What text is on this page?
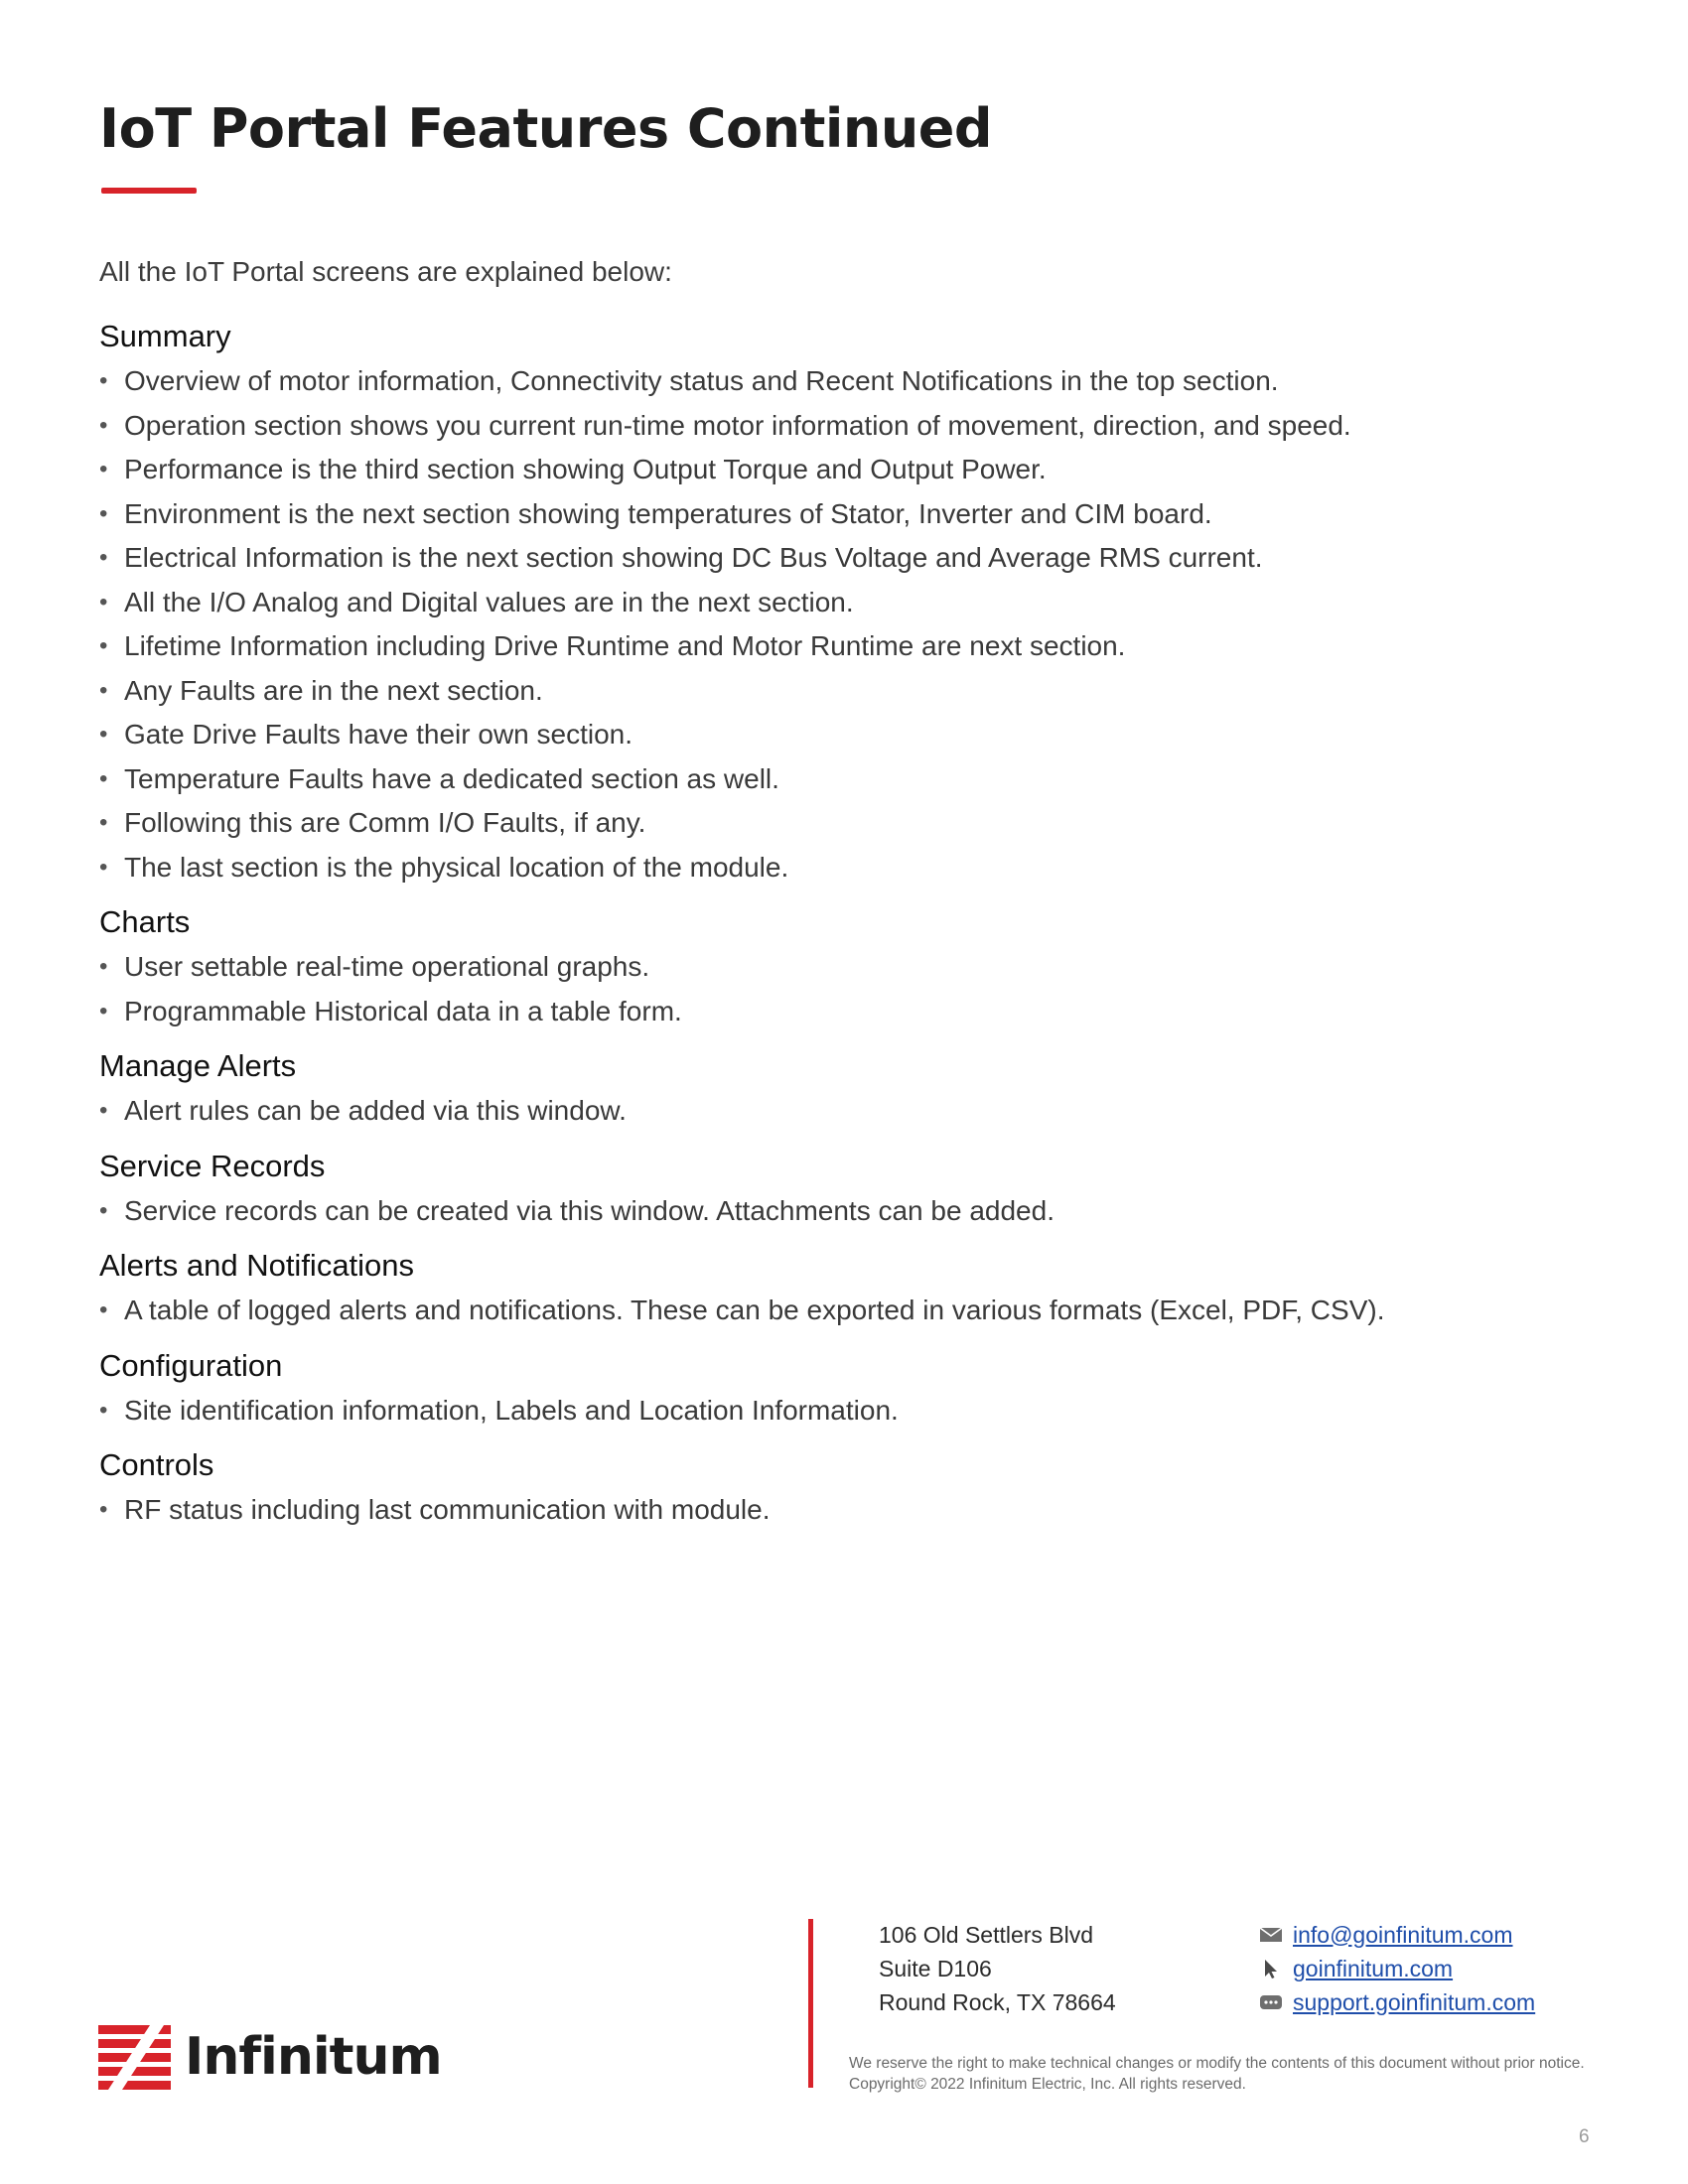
IoT Portal Features Continued

All the IoT Portal screens are explained below:

Summary
• Overview of motor information, Connectivity status and Recent Notifications in the top section.
• Operation section shows you current run-time motor information of movement, direction, and speed.
• Performance is the third section showing Output Torque and Output Power.
• Environment is the next section showing temperatures of Stator, Inverter and CIM board.
• Electrical Information is the next section showing DC Bus Voltage and Average RMS current.
• All the I/O Analog and Digital values are in the next section.
• Lifetime Information including Drive Runtime and Motor Runtime are next section.
• Any Faults are in the next section.
• Gate Drive Faults have their own section.
• Temperature Faults have a dedicated section as well.
• Following this are Comm I/O Faults, if any.
• The last section is the physical location of the module.
Charts
• User settable real-time operational graphs.
• Programmable Historical data in a table form.
Manage Alerts
• Alert rules can be added via this window.
Service Records
• Service records can be created via this window. Attachments can be added.
Alerts and Notifications
• A table of logged alerts and notifications. These can be exported in various formats (Excel, PDF, CSV).
Configuration
• Site identification information, Labels and Location Information.
Controls
• RF status including last communication with module.
106 Old Settlers Blvd
Suite D106
Round Rock, TX 78664
info@goinfinitum.com
goinfinitum.com
support.goinfinitum.com
We reserve the right to make technical changes or modify the contents of this document without prior notice. Copyright© 2022 Infinitum Electric, Inc. All rights reserved.
Infinitum
6
